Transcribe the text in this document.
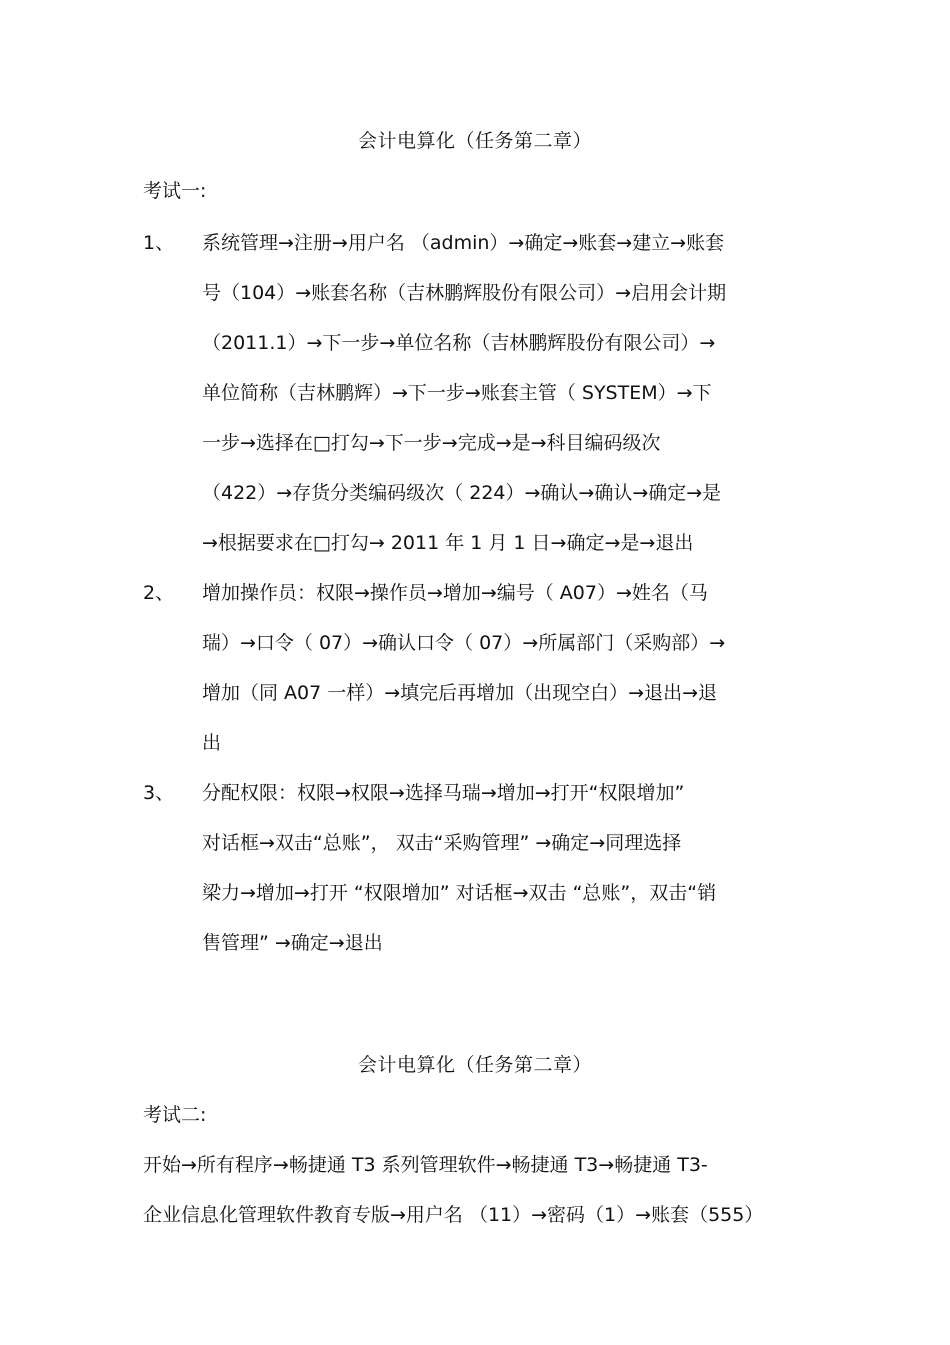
会计电算化（任务第二章）
考试一:
1、 系统管理→注册→用户名 （admin）→确定→账套→建立→账套
号（104）→账套名称（吉林鹏辉股份有限公司）→启用会计期
（2011.1）→下一步→单位名称（吉林鹏辉股份有限公司）→
单位简称（吉林鹏辉）→下一步→账套主管（ SYSTEM）→下
一步→选择在□打勾→下一步→完成→是→科目编码级次
（422）→存货分类编码级次（ 224）→确认→确认→确定→是
→根据要求在□打勾→ 2011 年 1 月 1 日→确定→是→退出
2、 增加操作员：权限→操作员→增加→编号（ A07）→姓名（马
瑞）→口令（ 07）→确认口令（ 07）→所属部门（采购部）→
增加（同 A07 一样）→填完后再增加（出现空白）→退出→退
出
3、 分配权限：权限→权限→选择马瑞→增加→打开“权限增加”
对话框→双击“总账”， 双击“采购管理” →确定→同理选择
梁力→增加→打开 “权限增加” 对话框→双击 “总账”，双击“销
售管理” →确定→退出
会计电算化（任务第二章）
考试二:
开始→所有程序→畅捷通 T3 系列管理软件→畅捷通 T3→畅捷通 T3-
企业信息化管理软件教育专版→用户名 （11）→密码（1）→账套（555）
